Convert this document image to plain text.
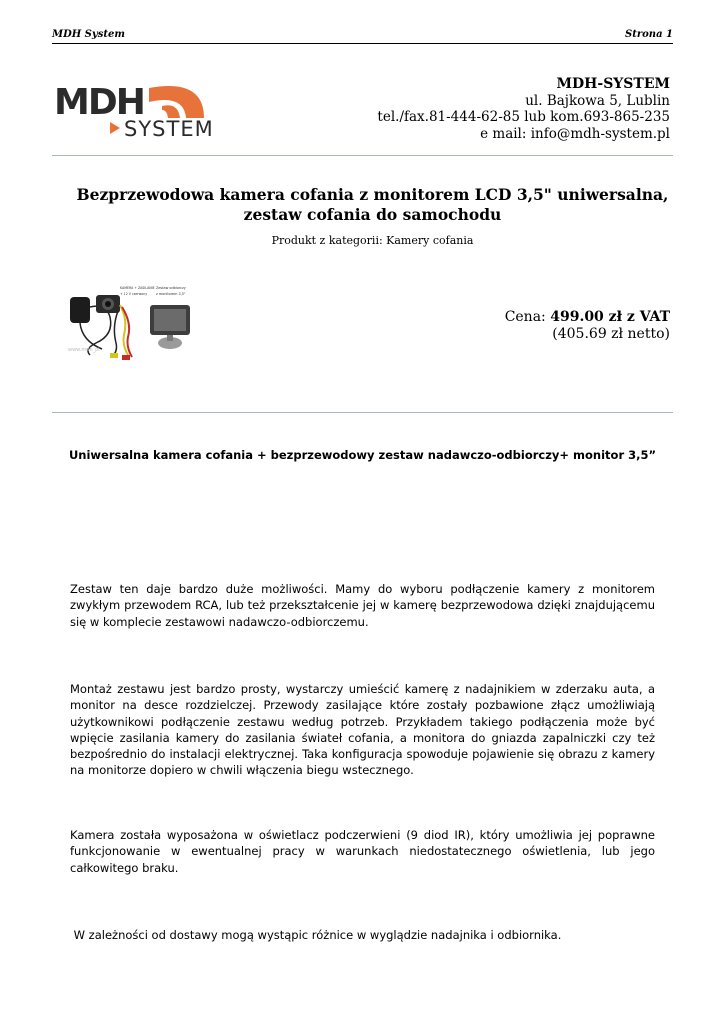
MDH System	Strona 1
MDH
SYSTEM
MDH-SYSTEM
ul. Bajkowa 5, Lublin
tel./fax.81-444-62-85 lub kom.693-865-235
e mail: info@mdh-system.pl
Bezprzewodowa kamera cofania z monitorem LCD 3,5" uniwersalna, zestaw cofania do samochodu
Produkt z kategorii: Kamery cofania
KAMERA + ZASILANIE
+ 12 V czerwony
Zestaw odbiorczy
z monitorem 3,5"
www.mdh_pl
Cena: 499.00 zł z VAT
(405.69 zł netto)
Uniwersalna kamera cofania + bezprzewodowy zestaw nadawczo-odbiorczy+ monitor 3,5”
Zestaw ten daje bardzo duże możliwości. Mamy do wyboru podłączenie kamery z monitorem zwykłym przewodem RCA, lub też przekształcenie jej w kamerę bezprzewodowa dzięki znajdującemu się w komplecie zestawowi nadawczo-odbiorczemu.
Montaż zestawu jest bardzo prosty, wystarczy umieścić kamerę z nadajnikiem w zderzaku auta, a monitor na desce rozdzielczej. Przewody zasilające które zostały pozbawione złącz umożliwiają użytkownikowi podłączenie zestawu według potrzeb. Przykładem takiego podłączenia może być wpięcie zasilania kamery do zasilania świateł cofania, a monitora do gniazda zapalniczki czy też bezpośrednio do instalacji elektrycznej. Taka konfiguracja spowoduje pojawienie się obrazu z kamery na monitorze dopiero w chwili włączenia biegu wstecznego.
Kamera została wyposażona w oświetlacz podczerwieni (9 diod IR), który umożliwia jej poprawne funkcjonowanie w ewentualnej pracy w warunkach niedostatecznego oświetlenia, lub jego całkowitego braku.
W zależności od dostawy mogą wystąpic różnice w wyglądzie nadajnika i odbiornika.
